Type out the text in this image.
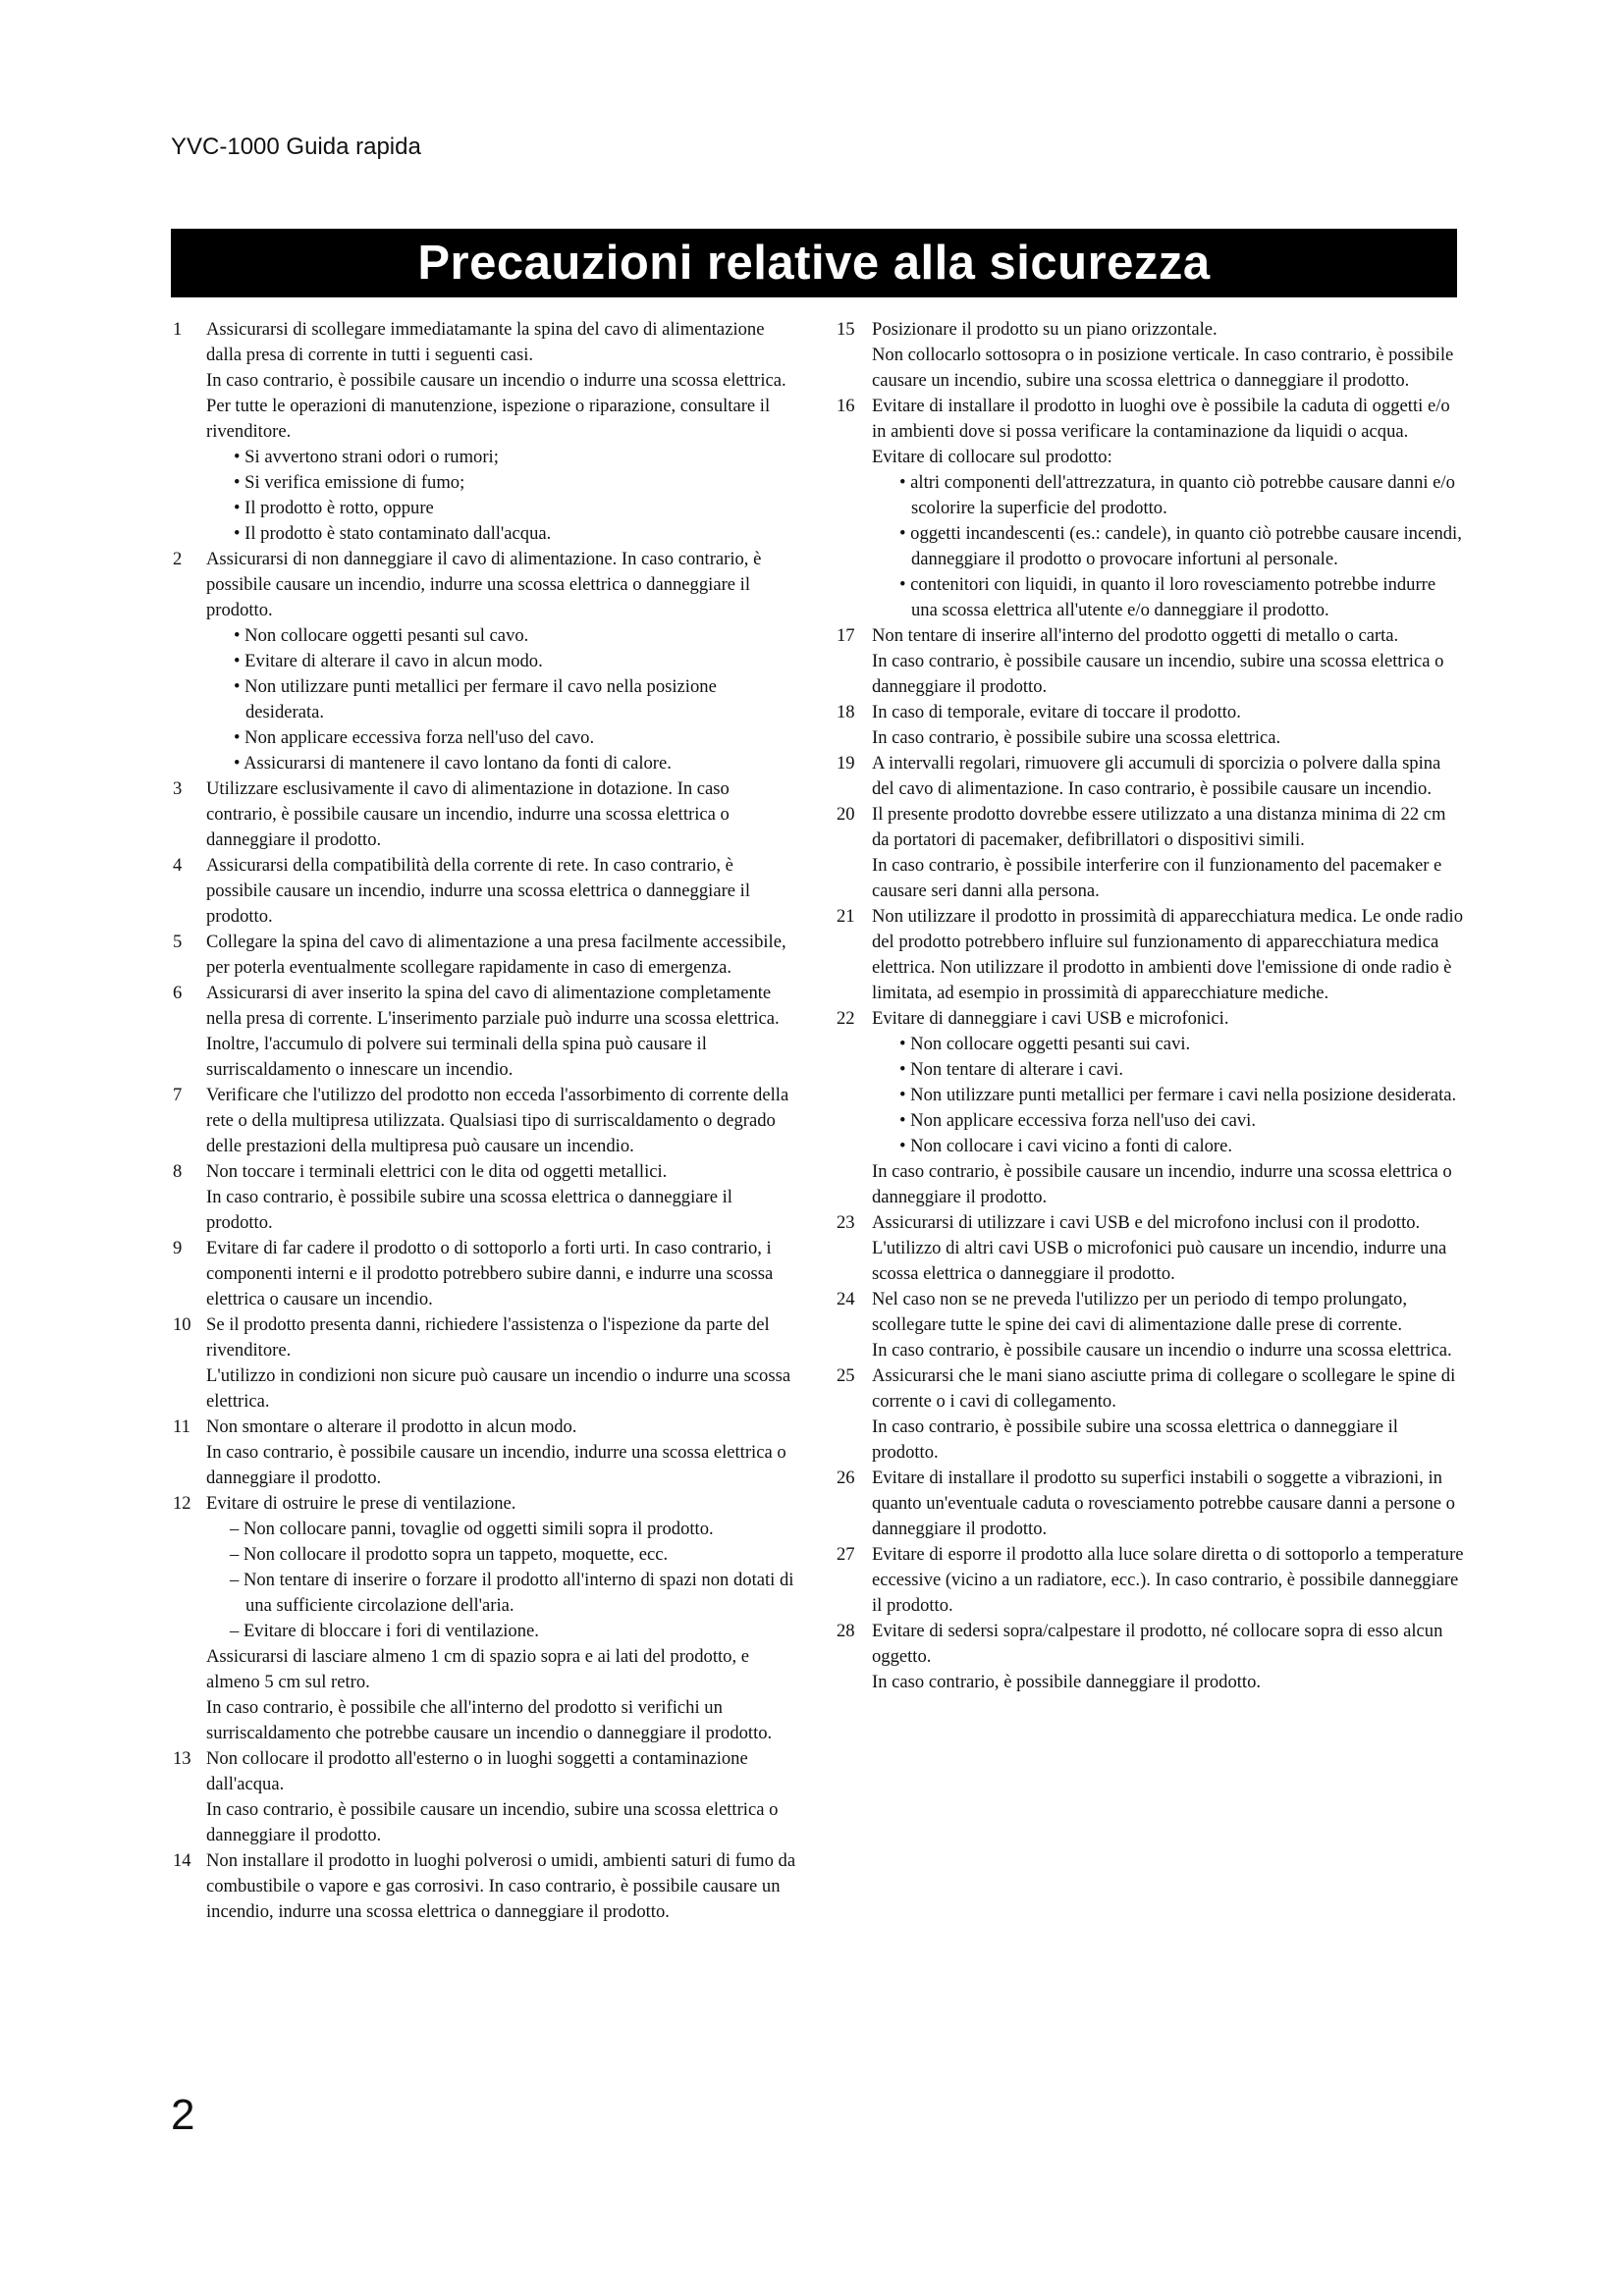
YVC-1000 Guida rapida
Precauzioni relative alla sicurezza
1 Assicurarsi di scollegare immediatamante la spina del cavo di alimentazione dalla presa di corrente in tutti i seguenti casi.
In caso contrario, è possibile causare un incendio o indurre una scossa elettrica. Per tutte le operazioni di manutenzione, ispezione o riparazione, consultare il rivenditore.
• Si avvertono strani odori o rumori;
• Si verifica emissione di fumo;
• Il prodotto è rotto, oppure
• Il prodotto è stato contaminato dall'acqua.
2 Assicurarsi di non danneggiare il cavo di alimentazione. In caso contrario, è possibile causare un incendio, indurre una scossa elettrica o danneggiare il prodotto.
• Non collocare oggetti pesanti sul cavo.
• Evitare di alterare il cavo in alcun modo.
• Non utilizzare punti metallici per fermare il cavo nella posizione desiderata.
• Non applicare eccessiva forza nell'uso del cavo.
• Assicurarsi di mantenere il cavo lontano da fonti di calore.
3 Utilizzare esclusivamente il cavo di alimentazione in dotazione. In caso contrario, è possibile causare un incendio, indurre una scossa elettrica o danneggiare il prodotto.
4 Assicurarsi della compatibilità della corrente di rete. In caso contrario, è possibile causare un incendio, indurre una scossa elettrica o danneggiare il prodotto.
5 Collegare la spina del cavo di alimentazione a una presa facilmente accessibile, per poterla eventualmente scollegare rapidamente in caso di emergenza.
6 Assicurarsi di aver inserito la spina del cavo di alimentazione completamente nella presa di corrente. L'inserimento parziale può indurre una scossa elettrica. Inoltre, l'accumulo di polvere sui terminali della spina può causare il surriscaldamento o innescare un incendio.
7 Verificare che l'utilizzo del prodotto non ecceda l'assorbimento di corrente della rete o della multipresa utilizzata. Qualsiasi tipo di surriscaldamento o degrado delle prestazioni della multipresa può causare un incendio.
8 Non toccare i terminali elettrici con le dita od oggetti metallici.
In caso contrario, è possibile subire una scossa elettrica o danneggiare il prodotto.
9 Evitare di far cadere il prodotto o di sottoporlo a forti urti. In caso contrario, i componenti interni e il prodotto potrebbero subire danni, e indurre una scossa elettrica o causare un incendio.
10 Se il prodotto presenta danni, richiedere l'assistenza o l'ispezione da parte del rivenditore.
L'utilizzo in condizioni non sicure può causare un incendio o indurre una scossa elettrica.
11 Non smontare o alterare il prodotto in alcun modo.
In caso contrario, è possibile causare un incendio, indurre una scossa elettrica o danneggiare il prodotto.
12 Evitare di ostruire le prese di ventilazione.
– Non collocare panni, tovaglie od oggetti simili sopra il prodotto.
– Non collocare il prodotto sopra un tappeto, moquette, ecc.
– Non tentare di inserire o forzare il prodotto all'interno di spazi non dotati di una sufficiente circolazione dell'aria.
– Evitare di bloccare i fori di ventilazione.
Assicurarsi di lasciare almeno 1 cm di spazio sopra e ai lati del prodotto, e almeno 5 cm sul retro.
In caso contrario, è possibile che all'interno del prodotto si verifichi un surriscaldamento che potrebbe causare un incendio o danneggiare il prodotto.
13 Non collocare il prodotto all'esterno o in luoghi soggetti a contaminazione dall'acqua.
In caso contrario, è possibile causare un incendio, subire una scossa elettrica o danneggiare il prodotto.
14 Non installare il prodotto in luoghi polverosi o umidi, ambienti saturi di fumo da combustibile o vapore e gas corrosivi. In caso contrario, è possibile causare un incendio, indurre una scossa elettrica o danneggiare il prodotto.
15 Posizionare il prodotto su un piano orizzontale.
Non collocarlo sottosopra o in posizione verticale. In caso contrario, è possibile causare un incendio, subire una scossa elettrica o danneggiare il prodotto.
16 Evitare di installare il prodotto in luoghi ove è possibile la caduta di oggetti e/o in ambienti dove si possa verificare la contaminazione da liquidi o acqua. Evitare di collocare sul prodotto:
• altri componenti dell'attrezzatura, in quanto ciò potrebbe causare danni e/o scolorire la superficie del prodotto.
• oggetti incandescenti (es.: candele), in quanto ciò potrebbe causare incendi, danneggiare il prodotto o provocare infortuni al personale.
• contenitori con liquidi, in quanto il loro rovesciamento potrebbe indurre una scossa elettrica all'utente e/o danneggiare il prodotto.
17 Non tentare di inserire all'interno del prodotto oggetti di metallo o carta.
In caso contrario, è possibile causare un incendio, subire una scossa elettrica o danneggiare il prodotto.
18 In caso di temporale, evitare di toccare il prodotto.
In caso contrario, è possibile subire una scossa elettrica.
19 A intervalli regolari, rimuovere gli accumuli di sporcizia o polvere dalla spina del cavo di alimentazione. In caso contrario, è possibile causare un incendio.
20 Il presente prodotto dovrebbe essere utilizzato a una distanza minima di 22 cm da portatori di pacemaker, defibrillatori o dispositivi simili.
In caso contrario, è possibile interferire con il funzionamento del pacemaker e causare seri danni alla persona.
21 Non utilizzare il prodotto in prossimità di apparecchiatura medica. Le onde radio del prodotto potrebbero influire sul funzionamento di apparecchiatura medica elettrica. Non utilizzare il prodotto in ambienti dove l'emissione di onde radio è limitata, ad esempio in prossimità di apparecchiature mediche.
22 Evitare di danneggiare i cavi USB e microfonici.
• Non collocare oggetti pesanti sui cavi.
• Non tentare di alterare i cavi.
• Non utilizzare punti metallici per fermare i cavi nella posizione desiderata.
• Non applicare eccessiva forza nell'uso dei cavi.
• Non collocare i cavi vicino a fonti di calore.
In caso contrario, è possibile causare un incendio, indurre una scossa elettrica o danneggiare il prodotto.
23 Assicurarsi di utilizzare i cavi USB e del microfono inclusi con il prodotto.
L'utilizzo di altri cavi USB o microfonici può causare un incendio, indurre una scossa elettrica o danneggiare il prodotto.
24 Nel caso non se ne preveda l'utilizzo per un periodo di tempo prolungato, scollegare tutte le spine dei cavi di alimentazione dalle prese di corrente.
In caso contrario, è possibile causare un incendio o indurre una scossa elettrica.
25 Assicurarsi che le mani siano asciutte prima di collegare o scollegare le spine di corrente o i cavi di collegamento.
In caso contrario, è possibile subire una scossa elettrica o danneggiare il prodotto.
26 Evitare di installare il prodotto su superfici instabili o soggette a vibrazioni, in quanto un'eventuale caduta o rovesciamento potrebbe causare danni a persone o danneggiare il prodotto.
27 Evitare di esporre il prodotto alla luce solare diretta o di sottoporlo a temperature eccessive (vicino a un radiatore, ecc.). In caso contrario, è possibile danneggiare il prodotto.
28 Evitare di sedersi sopra/calpestare il prodotto, né collocare sopra di esso alcun oggetto.
In caso contrario, è possibile danneggiare il prodotto.
2
